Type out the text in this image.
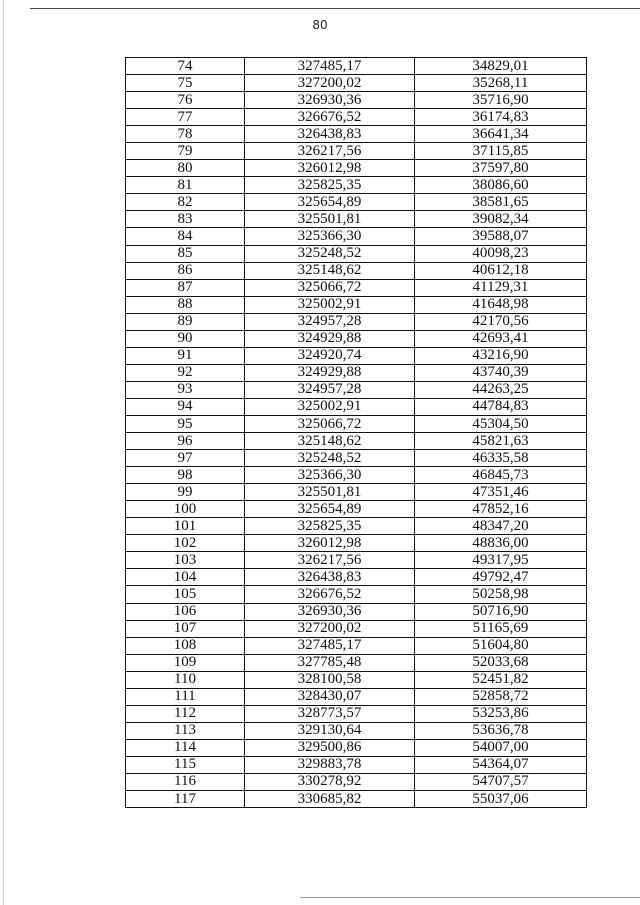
80
74	327485,17	34829,01
75	327200,02	35268,11
76	326930,36	35716,90
77	326676,52	36174,83
78	326438,83	36641,34
79	326217,56	37115,85
80	326012,98	37597,80
81	325825,35	38086,60
82	325654,89	38581,65
83	325501,81	39082,34
84	325366,30	39588,07
85	325248,52	40098,23
86	325148,62	40612,18
87	325066,72	41129,31
88	325002,91	41648,98
89	324957,28	42170,56
90	324929,88	42693,41
91	324920,74	43216,90
92	324929,88	43740,39
93	324957,28	44263,25
94	325002,91	44784,83
95	325066,72	45304,50
96	325148,62	45821,63
97	325248,52	46335,58
98	325366,30	46845,73
99	325501,81	47351,46
100	325654,89	47852,16
101	325825,35	48347,20
102	326012,98	48836,00
103	326217,56	49317,95
104	326438,83	49792,47
105	326676,52	50258,98
106	326930,36	50716,90
107	327200,02	51165,69
108	327485,17	51604,80
109	327785,48	52033,68
110	328100,58	52451,82
111	328430,07	52858,72
112	328773,57	53253,86
113	329130,64	53636,78
114	329500,86	54007,00
115	329883,78	54364,07
116	330278,92	54707,57
117	330685,82	55037,06
